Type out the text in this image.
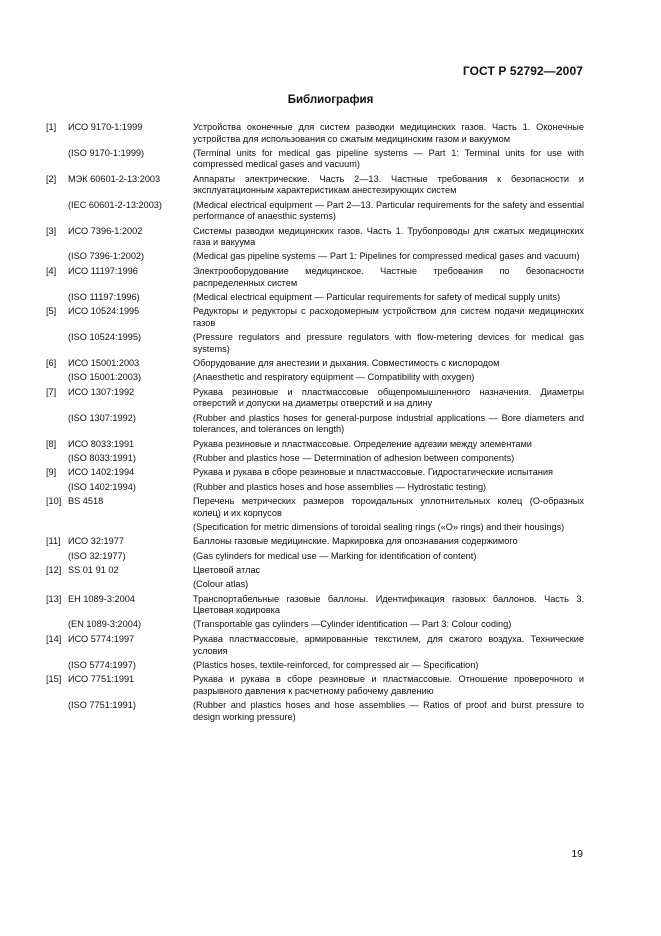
ГОСТ Р 52792—2007
Библиография
[1]	ИСО 9170-1:1999	Устройства оконечные для систем разводки медицинских газов. Часть 1. Оконечные устройства для использования со сжатым медицинским газом и вакуумом
(ISO 9170-1:1999)	(Terminal units for medical gas pipeline systems — Part 1: Terminal units for use with compressed medical gases and vacuum)
[2]	МЭК 60601-2-13:2003	Аппараты электрические. Часть 2—13. Частные требования к безопасности и эксплуатационным характеристикам анестезирующих систем
(IEC 60601-2-13:2003)	(Medical electrical equipment — Part 2—13. Particular requirements for the safety and essential performance of anaesthic systems)
[3]	ИСО 7396-1:2002	Системы разводки медицинских газов. Часть 1. Трубопроводы для сжатых медицинских газа и вакуума
(ISO 7396-1:2002)	(Medical gas pipeline systems — Part 1: Pipelines for compressed medical gases and vacuum)
[4]	ИСО 11197:1996	Электрооборудование медицинское. Частные требования по безопасности распределенных систем
(ISO 11197:1996)	(Medical electrical equipment — Particular requirements for safety of medical supply units)
[5]	ИСО 10524:1995	Редукторы и редукторы с расходомерным устройством для систем подачи медицинских газов
(ISO 10524:1995)	(Pressure regulators and pressure regulators with flow-metering devices for medical gas systems)
[6]	ИСО 15001:2003	Оборудование для анестезии и дыхания. Совместимость с кислородом
(ISO 15001:2003)	(Anaesthetic and respiratory equipment — Compatibility with oxygen)
[7]	ИСО 1307:1992	Рукава резиновые и пластмассовые общепромышленного назначения. Диаметры отверстий и допуски на диаметры отверстий и на длину
(ISO 1307:1992)	(Rubber and plastics hoses for general-purpose industrial applications — Bore diameters and tolerances, and tolerances on length)
[8]	ИСО 8033:1991	Рукава резиновые и пластмассовые. Определение адгезии между элементами
(ISO 8033:1991)	(Rubber and plastics hose — Determination of adhesion between components)
[9]	ИСО 1402:1994	Рукава и рукава в сборе резиновые и пластмассовые. Гидростатические испытания
(ISO 1402:1994)	(Rubber and plastics hoses and hose assemblies — Hydrostatic testing)
[10] BS 4518	Перечень метрических размеров тороидальных уплотнительных колец (О-образных колец) и их корпусов
(Specification for metric dimensions of toroidal sealing rings («O» rings) and their housings)
[11] ИСО 32:1977	Баллоны газовые медицинские. Маркировка для опознавания содержимого
(ISO 32:1977)	(Gas cylinders for medical use — Marking for identification of content)
[12] SS 01 91 02	Цветовой атлас
(Colour atlas)
[13] ЕН 1089-3:2004	Транспортабельные газовые баллоны. Идентификация газовых баллонов. Часть 3. Цветовая кодировка
(EN 1089-3:2004)	(Transportable gas cylinders —Cylinder identification — Part 3: Colour coding)
[14] ИСО 5774:1997	Рукава пластмассовые, армированные текстилем, для сжатого воздуха. Технические условия
(ISO 5774:1997)	(Plastics hoses, textile-reinforced, for compressed air — Specification)
[15] ИСО 7751:1991	Рукава и рукава в сборе резиновые и пластмассовые. Отношение проверочного и разрывного давления к расчетному рабочему давлению
(ISO 7751:1991)	(Rubber and plastics hoses and hose assemblies — Ratios of proof and burst pressure to design working pressure)
19
